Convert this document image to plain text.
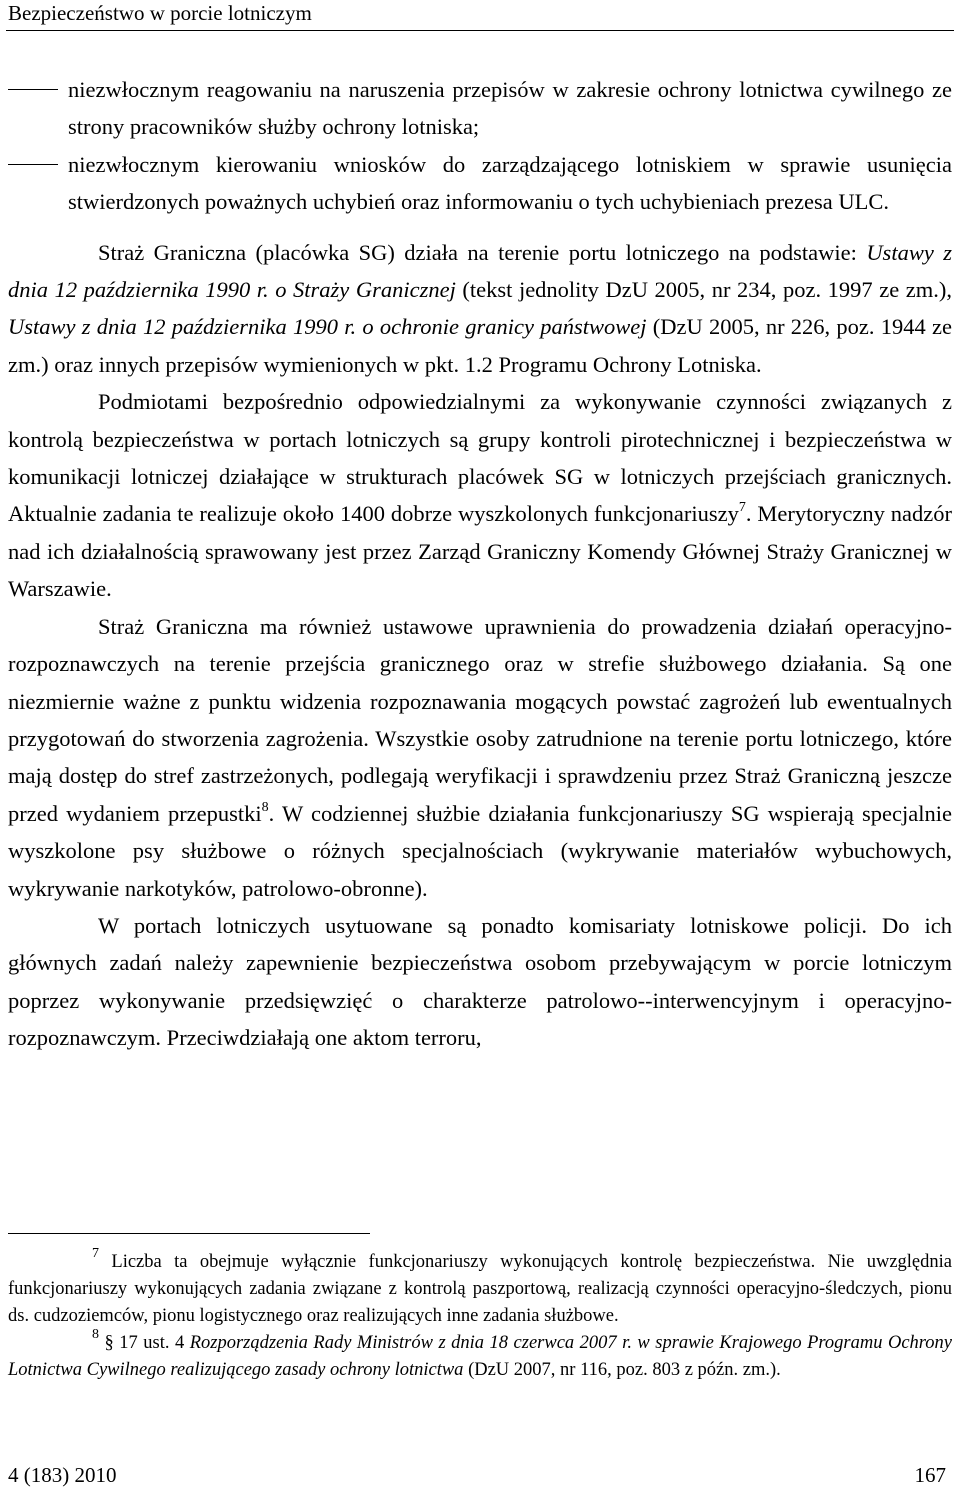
Bezpieczeństwo w porcie lotniczym

niezwłocznym reagowaniu na naruszenia przepisów w zakresie ochrony lotnictwa cywilnego ze strony pracowników służby ochrony lotniska;

niezwłocznym kierowaniu wniosków do zarządzającego lotniskiem w sprawie usunięcia stwierdzonych poważnych uchybień oraz informowaniu o tych uchybieniach prezesa ULC.

Straż Graniczna (placówka SG) działa na terenie portu lotniczego na podstawie: Ustawy z dnia 12 października 1990 r. o Straży Granicznej (tekst jednolity DzU 2005, nr 234, poz. 1997 ze zm.), Ustawy z dnia 12 października 1990 r. o ochronie granicy państwowej (DzU 2005, nr 226, poz. 1944 ze zm.) oraz innych przepisów wymienionych w pkt. 1.2 Programu Ochrony Lotniska.

Podmiotami bezpośrednio odpowiedzialnymi za wykonywanie czynności związanych z kontrolą bezpieczeństwa w portach lotniczych są grupy kontroli pirotechnicznej i bezpieczeństwa w komunikacji lotniczej działające w strukturach placówek SG w lotniczych przejściach granicznych. Aktualnie zadania te realizuje około 1400 dobrze wyszkolonych funkcjonariuszy$^7$. Merytoryczny nadzór nad ich działalnością sprawowany jest przez Zarząd Graniczny Komendy Głównej Straży Granicznej w Warszawie.

Straż Graniczna ma również ustawowe uprawnienia do prowadzenia działań operacyjno-rozpoznawczych na terenie przejścia granicznego oraz w strefie służbowego działania. Są one niezmiernie ważne z punktu widzenia rozpoznawania mogących powstać zagrożeń lub ewentualnych przygotowań do stworzenia zagrożenia. Wszystkie osoby zatrudnione na terenie portu lotniczego, które mają dostęp do stref zastrzeżonych, podlegają weryfikacji i sprawdzeniu przez Straż Graniczną jeszcze przed wydaniem przepustki$^8$. W codziennej służbie działania funkcjonariuszy SG wspierają specjalnie wyszkolone psy służbowe o różnych specjalnościach (wykrywanie materiałów wybuchowych, wykrywanie narkotyków, patrolowo-obronne).

W portach lotniczych usytuowane są ponadto komisariaty lotniskowe policji. Do ich głównych zadań należy zapewnienie bezpieczeństwa osobom przebywającym w porcie lotniczym poprzez wykonywanie przedsięwzięć o charakterze patrolowo--interwencyjnym i operacyjno-rozpoznawczym. Przeciwdziałają one aktom terroru,

$^7$ Liczba ta obejmuje wyłącznie funkcjonariuszy wykonujących kontrolę bezpieczeństwa. Nie uwzględnia funkcjonariuszy wykonujących zadania związane z kontrolą paszportową, realizacją czynności operacyjno-śledczych, pionu ds. cudzoziemców, pionu logistycznego oraz realizujących inne zadania służbowe.

$^8$ § 17 ust. 4 Rozporządzenia Rady Ministrów z dnia 18 czerwca 2007 r. w sprawie Krajowego Programu Ochrony Lotnictwa Cywilnego realizującego zasady ochrony lotnictwa (DzU 2007, nr 116, poz. 803 z późn. zm.).

4 (183) 2010	167
